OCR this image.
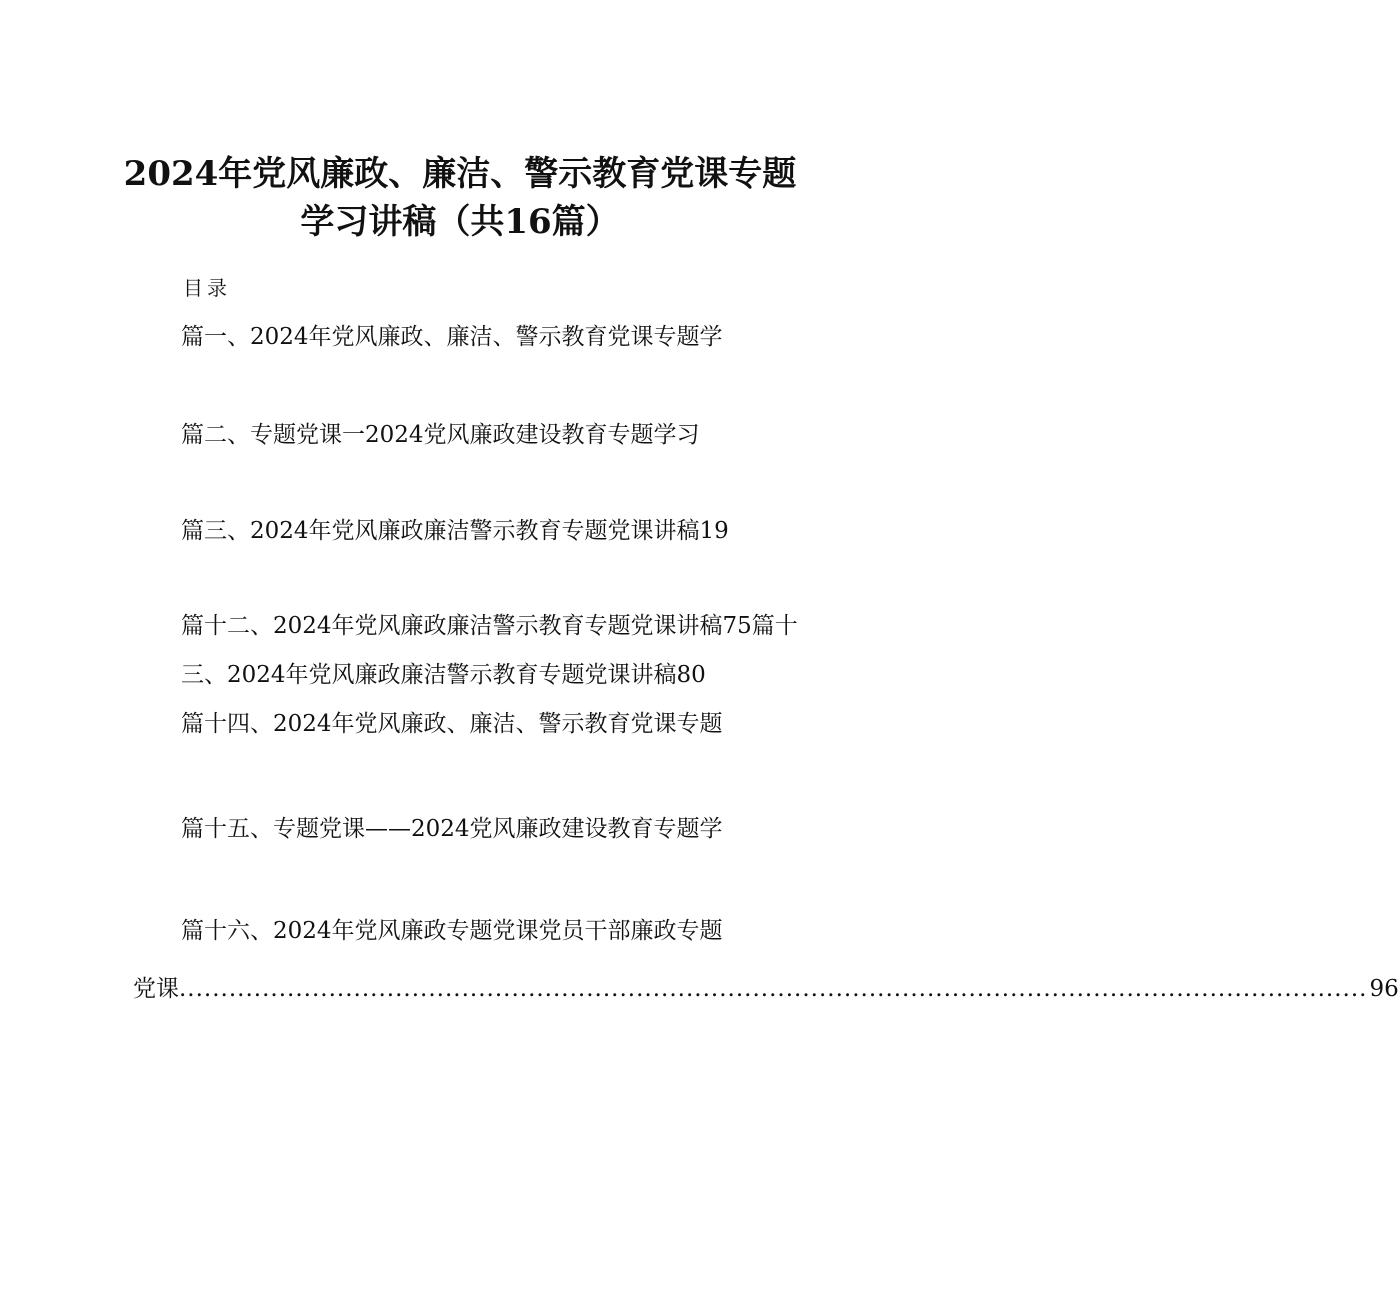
2024年党风廉政、廉洁、警示教育党课专题
学习讲稿（共16篇）
目录
篇一、2024年党风廉政、廉洁、警示教育党课专题学
篇二、专题党课一2024党风廉政建设教育专题学习
篇三、2024年党风廉政廉洁警示教育专题党课讲稿19
篇十二、2024年党风廉政廉洁警示教育专题党课讲稿75篇十
三、2024年党风廉政廉洁警示教育专题党课讲稿80
篇十四、2024年党风廉政、廉洁、警示教育党课专题
篇十五、专题党课——2024党风廉政建设教育专题学
篇十六、2024年党风廉政专题党课党员干部廉政专题
党课 ............................................................................................................................................... 96
